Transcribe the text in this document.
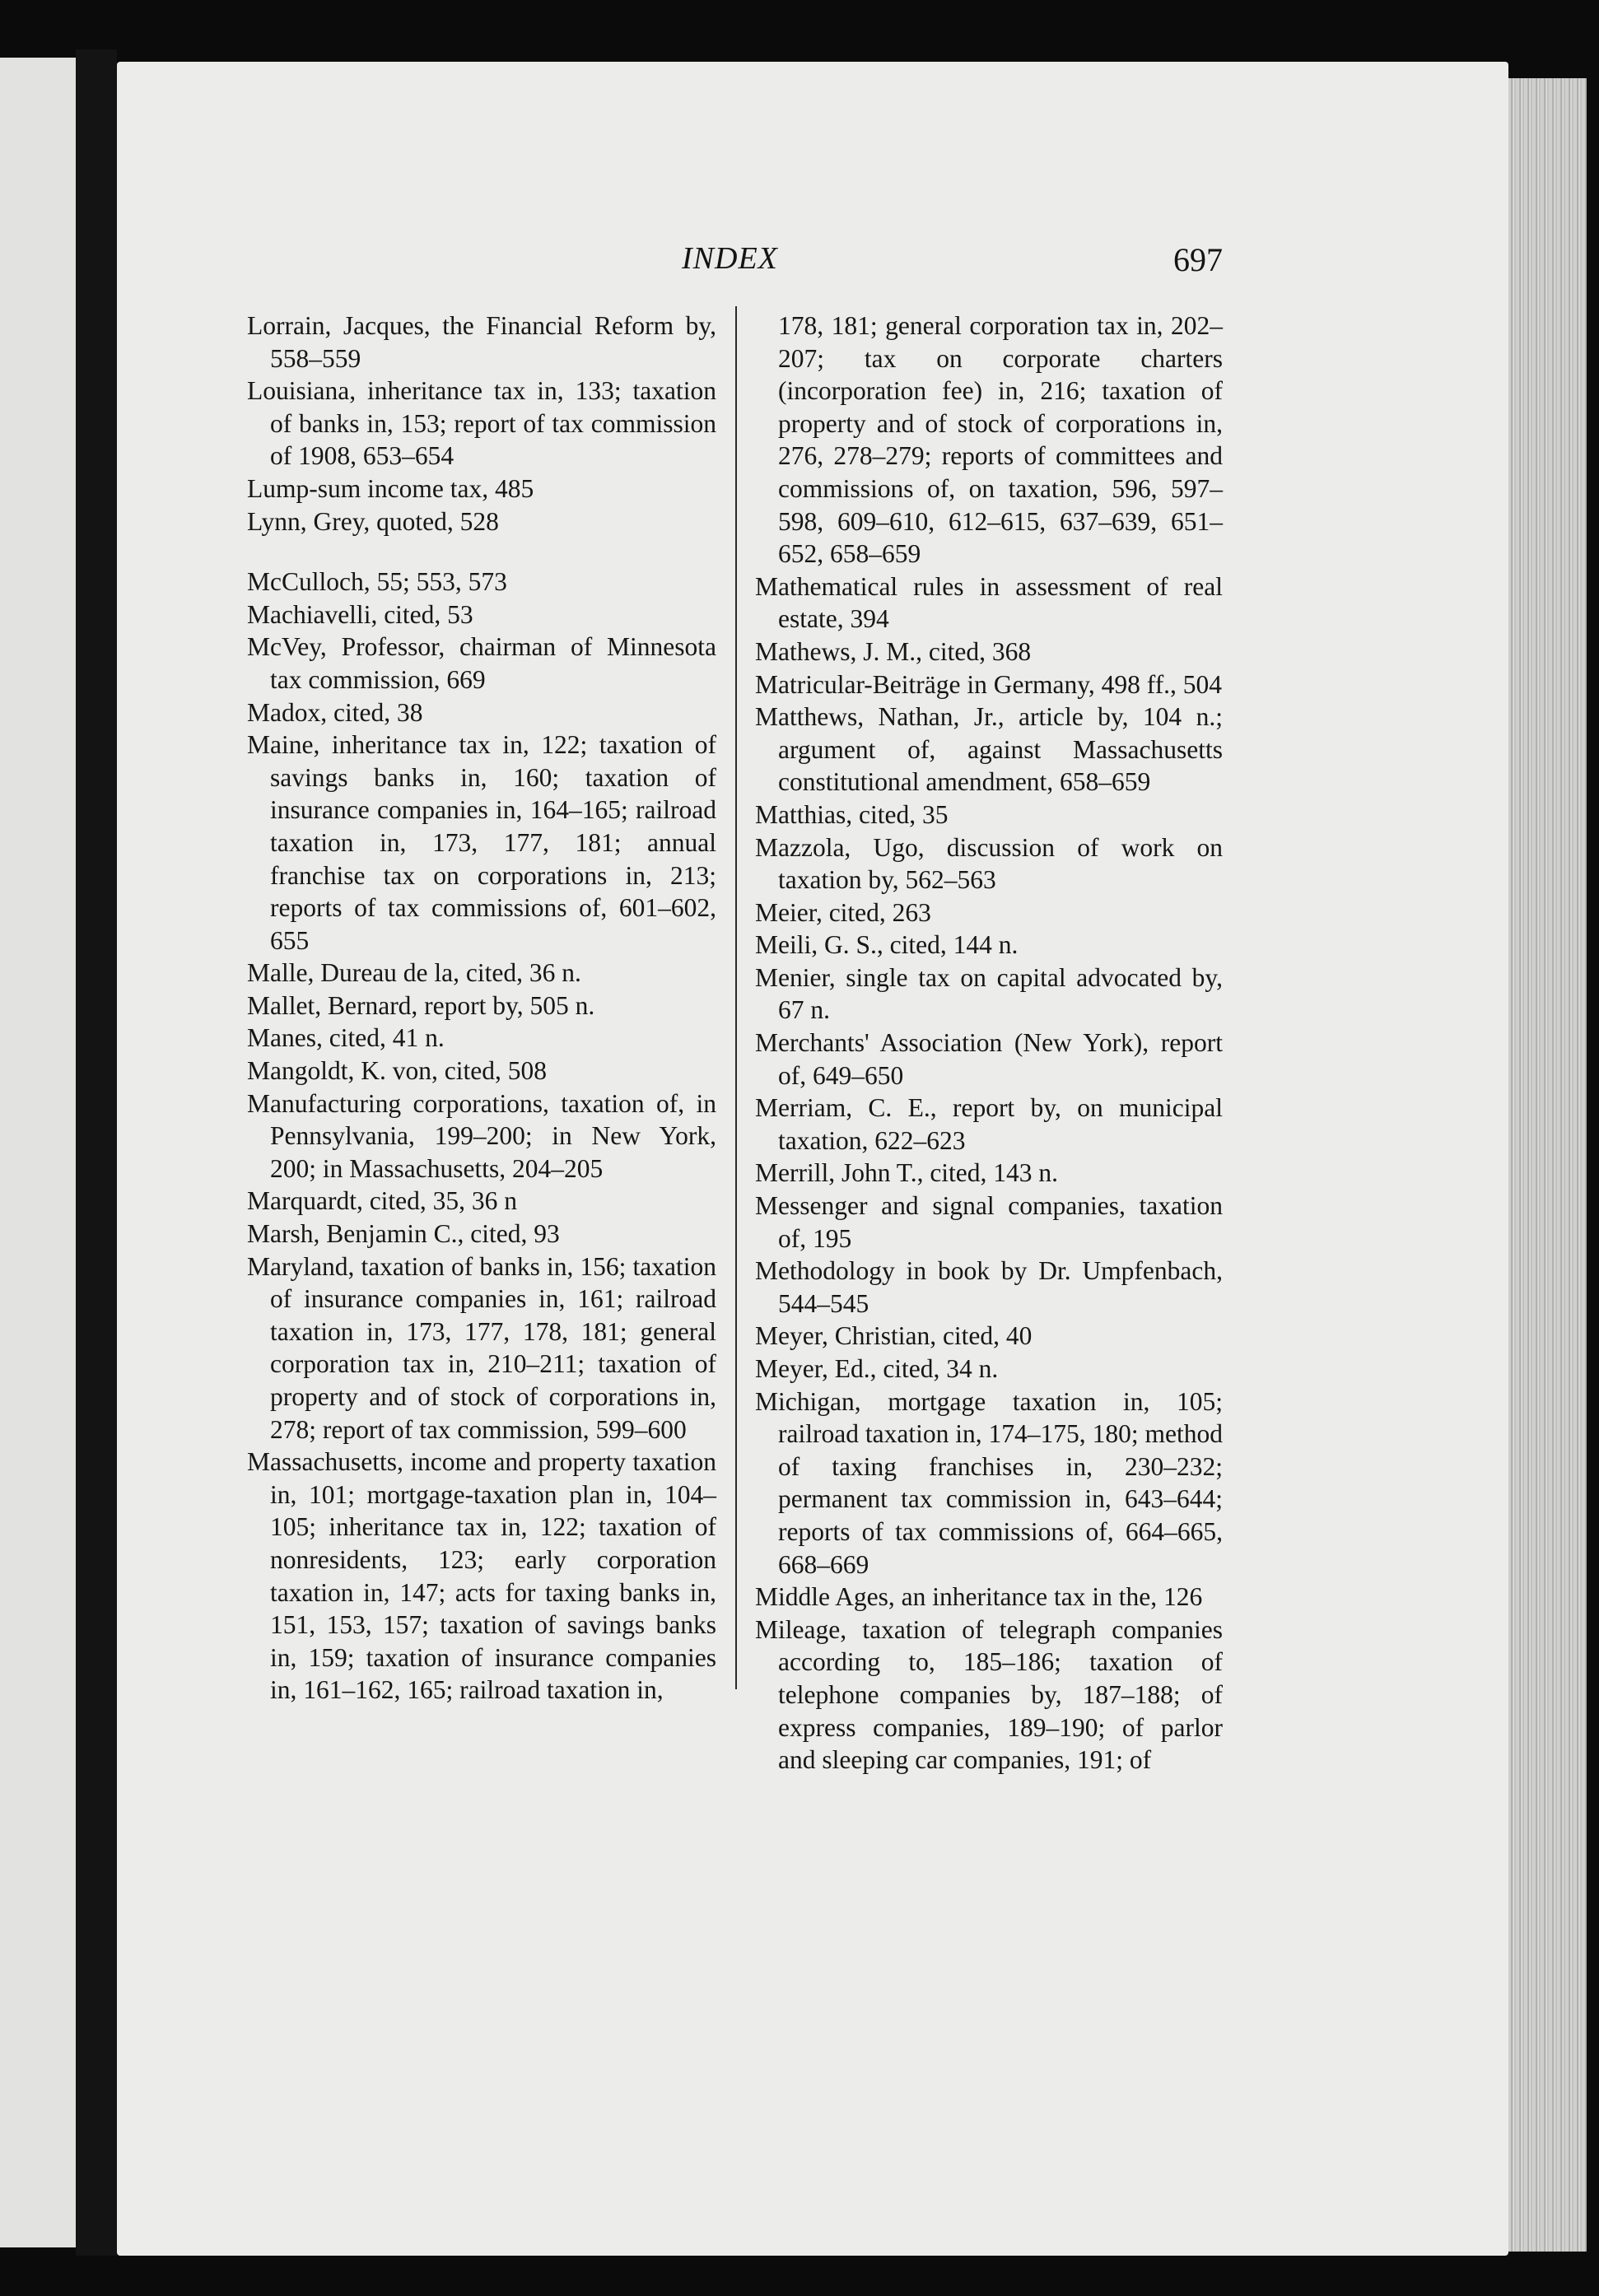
INDEX	697
Lorrain, Jacques, the Financial Reform by, 558–559
Louisiana, inheritance tax in, 133; taxation of banks in, 153; report of tax commission of 1908, 653–654
Lump-sum income tax, 485
Lynn, Grey, quoted, 528
McCulloch, 55; 553, 573
Machiavelli, cited, 53
McVey, Professor, chairman of Minnesota tax commission, 669
Madox, cited, 38
Maine, inheritance tax in, 122; taxation of savings banks in, 160; taxation of insurance companies in, 164–165; railroad taxation in, 173, 177, 181; annual franchise tax on corporations in, 213; reports of tax commissions of, 601–602, 655
Malle, Dureau de la, cited, 36 n.
Mallet, Bernard, report by, 505 n.
Manes, cited, 41 n.
Mangoldt, K. von, cited, 508
Manufacturing corporations, taxation of, in Pennsylvania, 199–200; in New York, 200; in Massachusetts, 204–205
Marquardt, cited, 35, 36 n
Marsh, Benjamin C., cited, 93
Maryland, taxation of banks in, 156; taxation of insurance companies in, 161; railroad taxation in, 173, 177, 178, 181; general corporation tax in, 210–211; taxation of property and of stock of corporations in, 278; report of tax commission, 599–600
Massachusetts, income and property taxation in, 101; mortgage-taxation plan in, 104–105; inheritance tax in, 122; taxation of nonresidents, 123; early corporation taxation in, 147; acts for taxing banks in, 151, 153, 157; taxation of savings banks in, 159; taxation of insurance companies in, 161–162, 165; railroad taxation in,
178, 181; general corporation tax in, 202–207; tax on corporate charters (incorporation fee) in, 216; taxation of property and of stock of corporations in, 276, 278–279; reports of committees and commissions of, on taxation, 596, 597–598, 609–610, 612–615, 637–639, 651–652, 658–659
Mathematical rules in assessment of real estate, 394
Mathews, J. M., cited, 368
Matricular-Beiträge in Germany, 498 ff., 504
Matthews, Nathan, Jr., article by, 104 n.; argument of, against Massachusetts constitutional amendment, 658–659
Matthias, cited, 35
Mazzola, Ugo, discussion of work on taxation by, 562–563
Meier, cited, 263
Meili, G. S., cited, 144 n.
Menier, single tax on capital advocated by, 67 n.
Merchants' Association (New York), report of, 649–650
Merriam, C. E., report by, on municipal taxation, 622–623
Merrill, John T., cited, 143 n.
Messenger and signal companies, taxation of, 195
Methodology in book by Dr. Umpfenbach, 544–545
Meyer, Christian, cited, 40
Meyer, Ed., cited, 34 n.
Michigan, mortgage taxation in, 105; railroad taxation in, 174–175, 180; method of taxing franchises in, 230–232; permanent tax commission in, 643–644; reports of tax commissions of, 664–665, 668–669
Middle Ages, an inheritance tax in the, 126
Mileage, taxation of telegraph companies according to, 185–186; taxation of telephone companies by, 187–188; of express companies, 189–190; of parlor and sleeping car companies, 191; of
